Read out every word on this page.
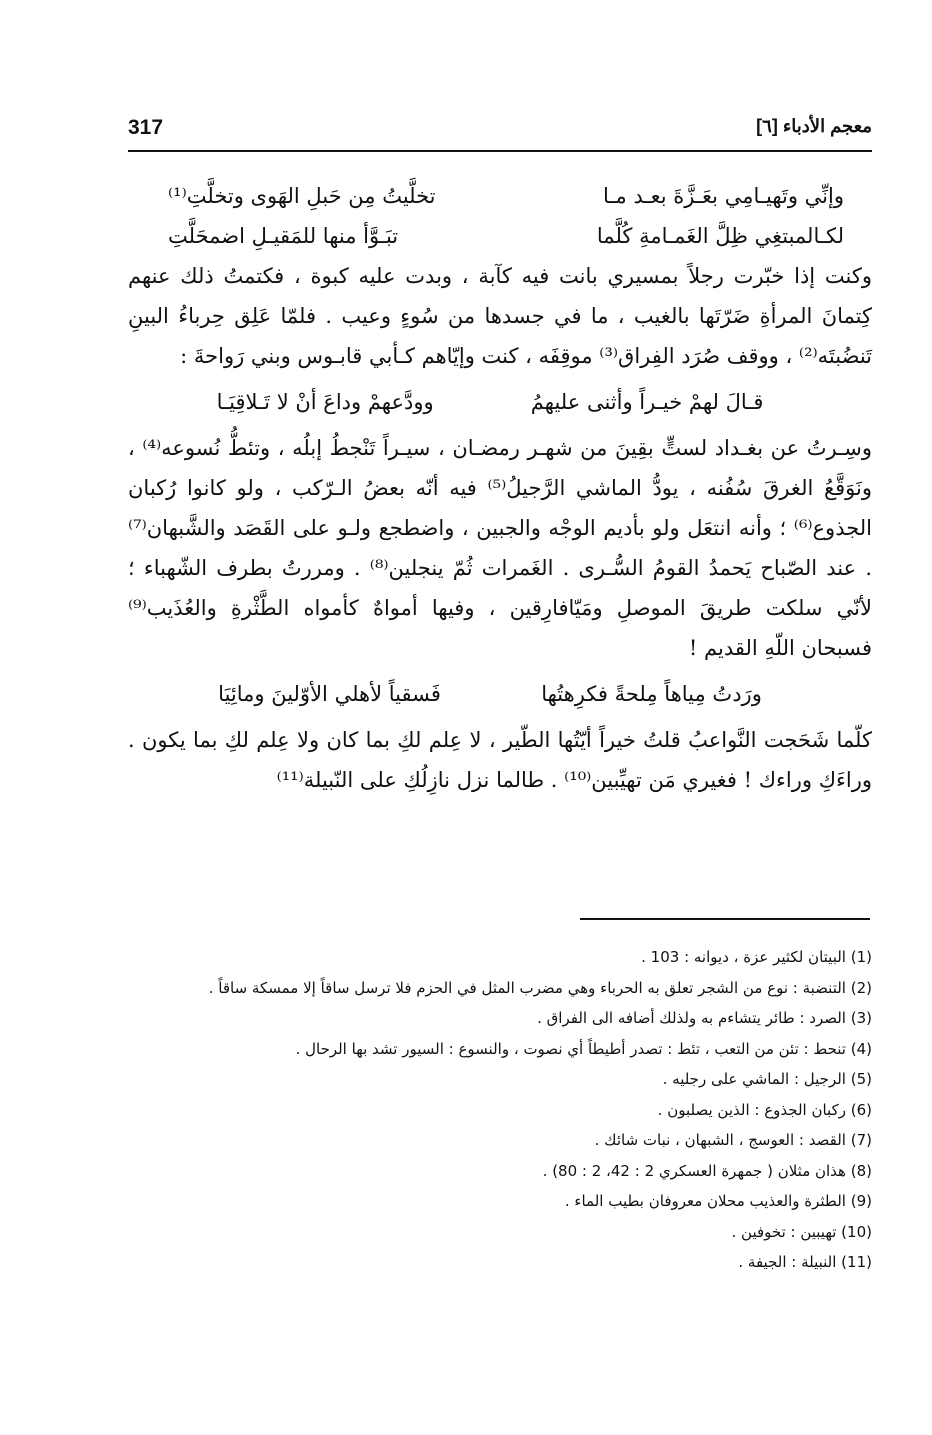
317	معجم الأدباء [٦]
وإنِّي وتَهيـامِي بعَـزَّةَ بعـد مـا
تخلَّيتُ مِن حَبلِ الهَوى وتخلَّتِ⁽¹⁾
لكـالمبتغِي ظِلَّ الغَمـامةِ كُلَّما
تبَـوَّأ منها للمَقيـلِ اضمحَلَّتِ

وكنت إذا خبّرت رجلاً بمسيري بانت فيه كآبة ، وبدت عليه كبوة ، فكتمتُ ذلك عنهم كِتمانَ المرأةِ ضَرّتَها بالغيب ، ما في جسدها من سُوءٍ وعيب . فلمّا عَلِق حِرباءُ البينِ تَنضُبتَه⁽²⁾ ، ووقف صُرَد الفِراق⁽³⁾ موقِفَه ، كنت وإيّاهم كـأبي قابـوس وبني رَواحةَ :

قـالَ لهمْ خيـراً وأثنى عليهمُ
وودَّعهمْ وداعَ أنْ لا تَـلاقِيَـا

وسِـرتُ عن بغـداد لستٍّ بقِينَ من شهـر رمضـان ، سيـراً تَنْجطُ إبلُه ، وتئطُّ نُسوعه⁽⁴⁾ ، ونَوَقَّعُ الغرقَ سُفُنه ، يودُّ الماشي الرَّجيلُ⁽⁵⁾ فيه أنّه بعضُ الـرّكب ، ولو كانوا رُكبان الجذوع⁽⁶⁾ ؛ وأنه انتعَل ولو بأديم الوجْه والجبين ، واضطجع ولـو على القَصَد والشَّبهان⁽⁷⁾ . عند الصّباح يَحمدُ القومُ السُّـرى . الغَمرات ثُمّ ينجلين⁽⁸⁾ . ومررتُ بطرف الشّهباء ؛ لأنّي سلكت طريقَ الموصلِ ومَيّافارِقين ، وفيها أمواهٌ كأمواه الطَّثْرةِ والعُذَيب⁽⁹⁾ فسبحان اللّهِ القديم !

ورَدتُ مِياهاً مِلحةً فكرِهتُها
فَسقياً لأهلي الأوّلينَ ومائِيَا

كلّما شَحَجت النَّواعبُ قلتُ خيراً أيّتُها الطّير ، لا عِلم لكِ بما كان ولا عِلم لكِ بما يكون . وراءَكِ وراءك ! فغيري مَن تهيِّبين⁽¹⁰⁾ . طالما نزل نازِلُكِ على النّبيلة⁽¹¹⁾

(1) البيتان لكثير عزة ، ديوانه : 103 .
(2) التنضبة : نوع من الشجر تعلق به الحرباء وهي مضرب المثل في الحزم فلا ترسل ساقاً إلا ممسكة ساقاً .
(3) الصرد : طائر يتشاءم به ولذلك أضافه الى الفراق .
(4) تنحط : تئن من التعب ، تئط : تصدر أطيطاً أي نصوت ، والنسوع : السيور تشد بها الرحال .
(5) الرجيل : الماشي على رجليه .
(6) ركبان الجذوع : الذين يصلبون .
(7) القصد : العوسج ، الشبهان ، نبات شائك .
(8) هذان مثلان ( جمهرة العسكري 2 : 42، 2 : 80) .
(9) الطثرة والعذيب محلان معروفان بطيب الماء .
(10) تهيبين : تخوفين .
(11) النبيلة : الجيفة .
